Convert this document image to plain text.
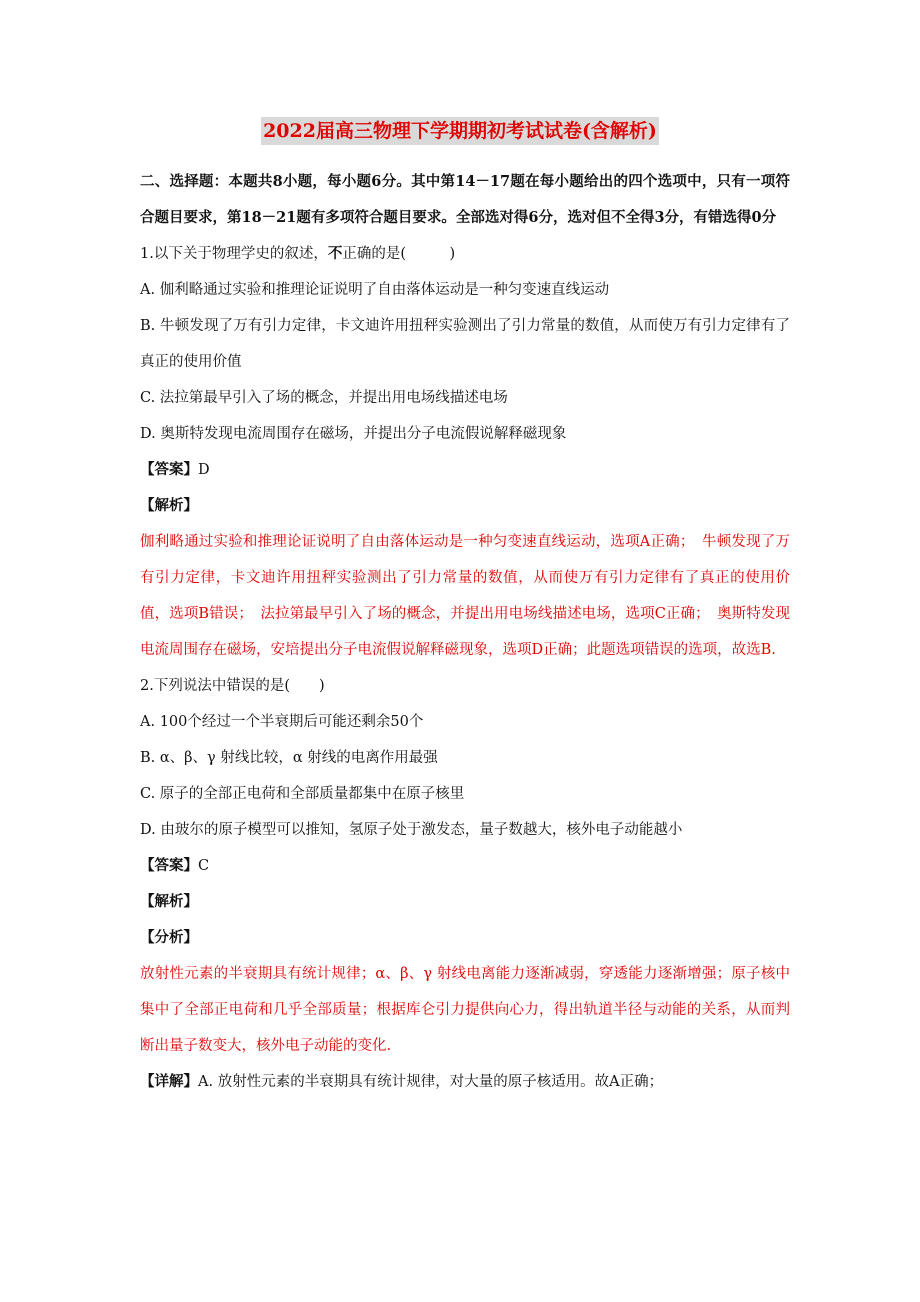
2022届高三物理下学期期初考试试卷(含解析)

二、选择题：本题共8小题，每小题6分。其中第14－17题在每小题给出的四个选项中，只有一项符合题目要求，第18－21题有多项符合题目要求。全部选对得6分，选对但不全得3分，有错选得0分

1.以下关于物理学史的叙述，不正确的是(　　　)

A. 伽利略通过实验和推理论证说明了自由落体运动是一种匀变速直线运动

B. 牛顿发现了万有引力定律，卡文迪许用扭秤实验测出了引力常量的数值，从而使万有引力定律有了真正的使用价值

C. 法拉第最早引入了场的概念，并提出用电场线描述电场

D. 奥斯特发现电流周围存在磁场，并提出分子电流假说解释磁现象

【答案】D

【解析】

伽利略通过实验和推理论证说明了自由落体运动是一种匀变速直线运动，选项A正确；　牛顿发现了万有引力定律，卡文迪许用扭秤实验测出了引力常量的数值，从而使万有引力定律有了真正的使用价值，选项B错误；　法拉第最早引入了场的概念，并提出用电场线描述电场，选项C正确；　奥斯特发现电流周围存在磁场，安培提出分子电流假说解释磁现象，选项D正确；此题选项错误的选项，故选B.

2.下列说法中错误的是(　　)

A. 100个经过一个半衰期后可能还剩余50个

B. α、β、γ 射线比较，α 射线的电离作用最强

C. 原子的全部正电荷和全部质量都集中在原子核里

D. 由玻尔的原子模型可以推知，氢原子处于激发态，量子数越大，核外电子动能越小

【答案】C

【解析】

【分析】

放射性元素的半衰期具有统计规律；α、β、γ 射线电离能力逐渐减弱，穿透能力逐渐增强；原子核中集中了全部正电荷和几乎全部质量；根据库仑引力提供向心力，得出轨道半径与动能的关系，从而判断出量子数变大，核外电子动能的变化.

【详解】A. 放射性元素的半衰期具有统计规律，对大量的原子核适用。故A正确；
